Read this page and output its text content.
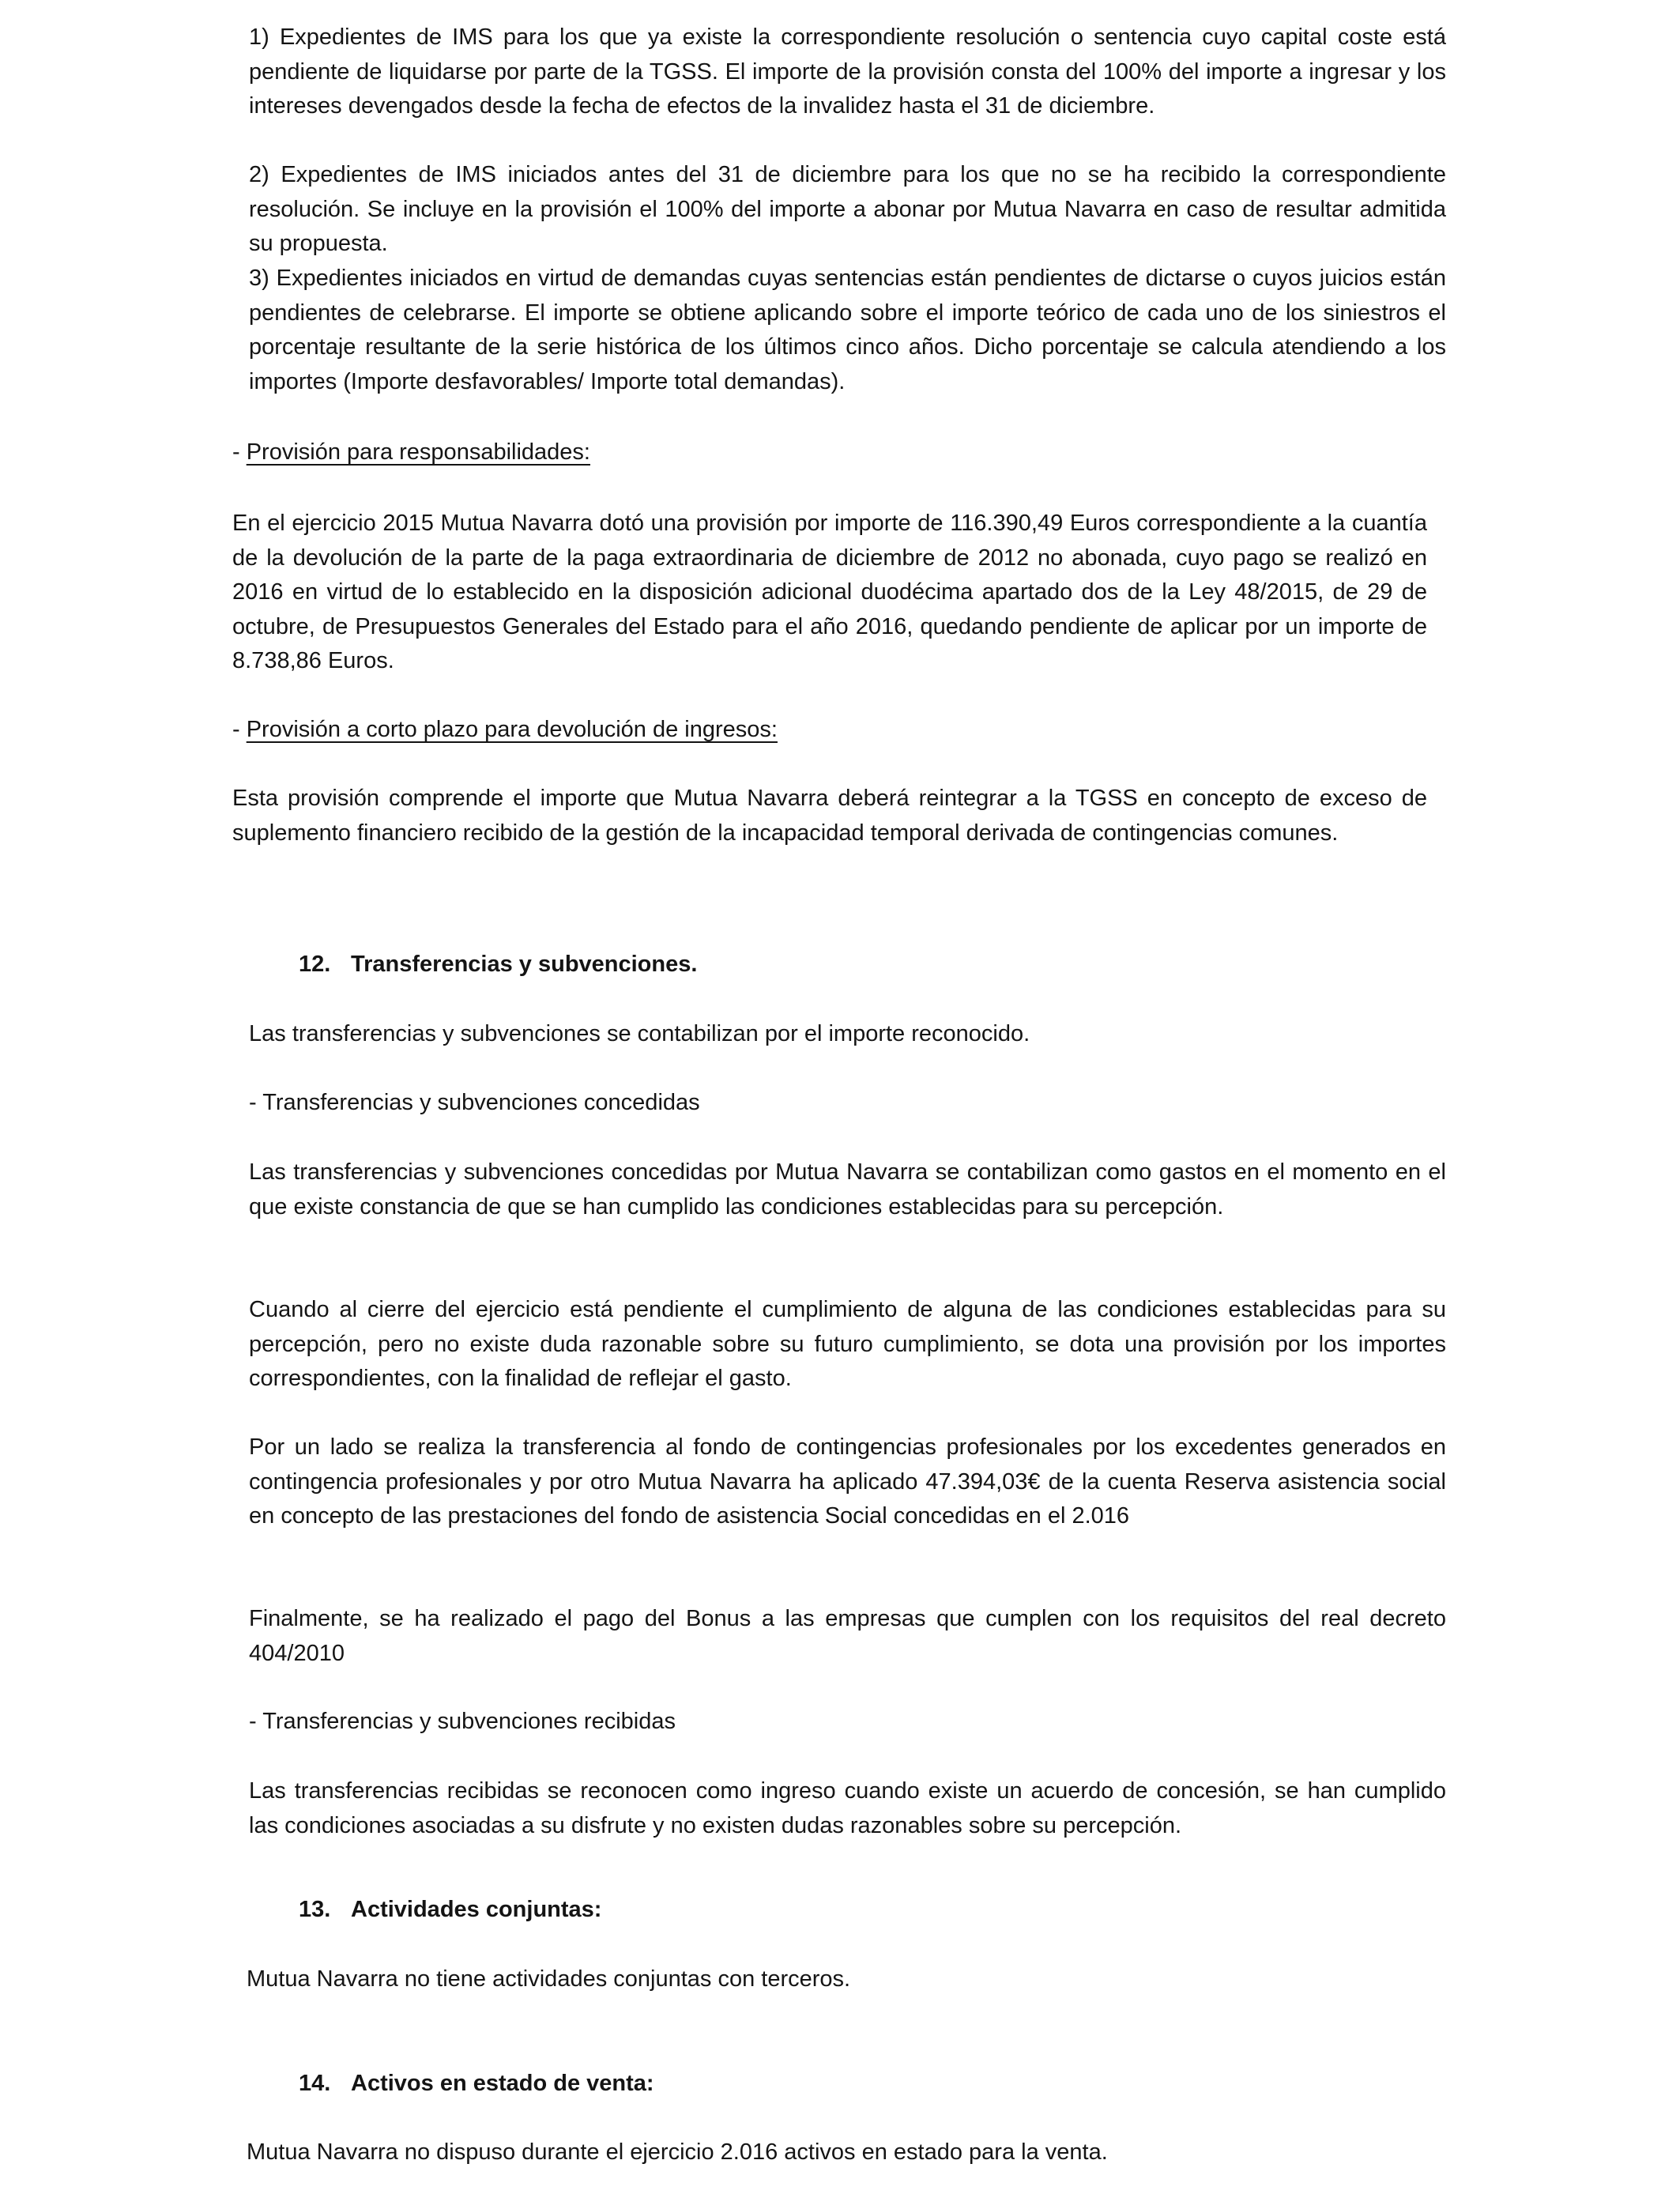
1) Expedientes de IMS para los que ya existe la correspondiente resolución o sentencia cuyo capital coste está pendiente de liquidarse por parte de la TGSS. El importe de la provisión consta del 100% del importe a ingresar y los intereses devengados desde la fecha de efectos de la invalidez hasta el 31 de diciembre.

2) Expedientes de IMS iniciados antes del 31 de diciembre para los que no se ha recibido la correspondiente resolución. Se incluye en la provisión el 100% del importe a abonar por Mutua Navarra en caso de resultar admitida su propuesta.

3) Expedientes iniciados en virtud de demandas cuyas sentencias están pendientes de dictarse o cuyos juicios están pendientes de celebrarse. El importe se obtiene aplicando sobre el importe teórico de cada uno de los siniestros el porcentaje resultante de la serie histórica de los últimos cinco años. Dicho porcentaje se calcula atendiendo a los importes (Importe desfavorables/ Importe total demandas).

- Provisión para responsabilidades:

En el ejercicio 2015 Mutua Navarra dotó una provisión por importe de 116.390,49 Euros correspondiente a la cuantía de la devolución de la parte de la paga extraordinaria de diciembre de 2012 no abonada, cuyo pago se realizó en 2016 en virtud de lo establecido en la disposición adicional duodécima apartado dos de la Ley 48/2015, de 29 de octubre, de Presupuestos Generales del Estado para el año 2016, quedando pendiente de aplicar por un importe de 8.738,86 Euros.

- Provisión a corto plazo para devolución de ingresos:

Esta provisión comprende el importe que Mutua Navarra deberá reintegrar a la TGSS en concepto de exceso de suplemento financiero recibido de la gestión de la incapacidad temporal derivada de contingencias comunes.

12. Transferencias y subvenciones.

Las transferencias y subvenciones se contabilizan por el importe reconocido.

- Transferencias y subvenciones concedidas

Las transferencias y subvenciones concedidas por Mutua Navarra se contabilizan como gastos en el momento en el que existe constancia de que se han cumplido las condiciones establecidas para su percepción.

Cuando al cierre del ejercicio está pendiente el cumplimiento de alguna de las condiciones establecidas para su percepción, pero no existe duda razonable sobre su futuro cumplimiento, se dota una provisión por los importes correspondientes, con la finalidad de reflejar el gasto.

Por un lado se realiza la transferencia al fondo de contingencias profesionales por los excedentes generados en contingencia profesionales y por otro Mutua Navarra ha aplicado 47.394,03€ de la cuenta Reserva asistencia social en concepto de las prestaciones del fondo de asistencia Social concedidas en el 2.016

Finalmente, se ha realizado el pago del Bonus a las empresas que cumplen con los requisitos del real decreto 404/2010

- Transferencias y subvenciones recibidas

Las transferencias recibidas se reconocen como ingreso cuando existe un acuerdo de concesión, se han cumplido las condiciones asociadas a su disfrute y no existen dudas razonables sobre su percepción.

13. Actividades conjuntas:

Mutua Navarra no tiene actividades conjuntas con terceros.

14. Activos en estado de venta:

Mutua Navarra no dispuso durante el ejercicio 2.016 activos en estado para la venta.
